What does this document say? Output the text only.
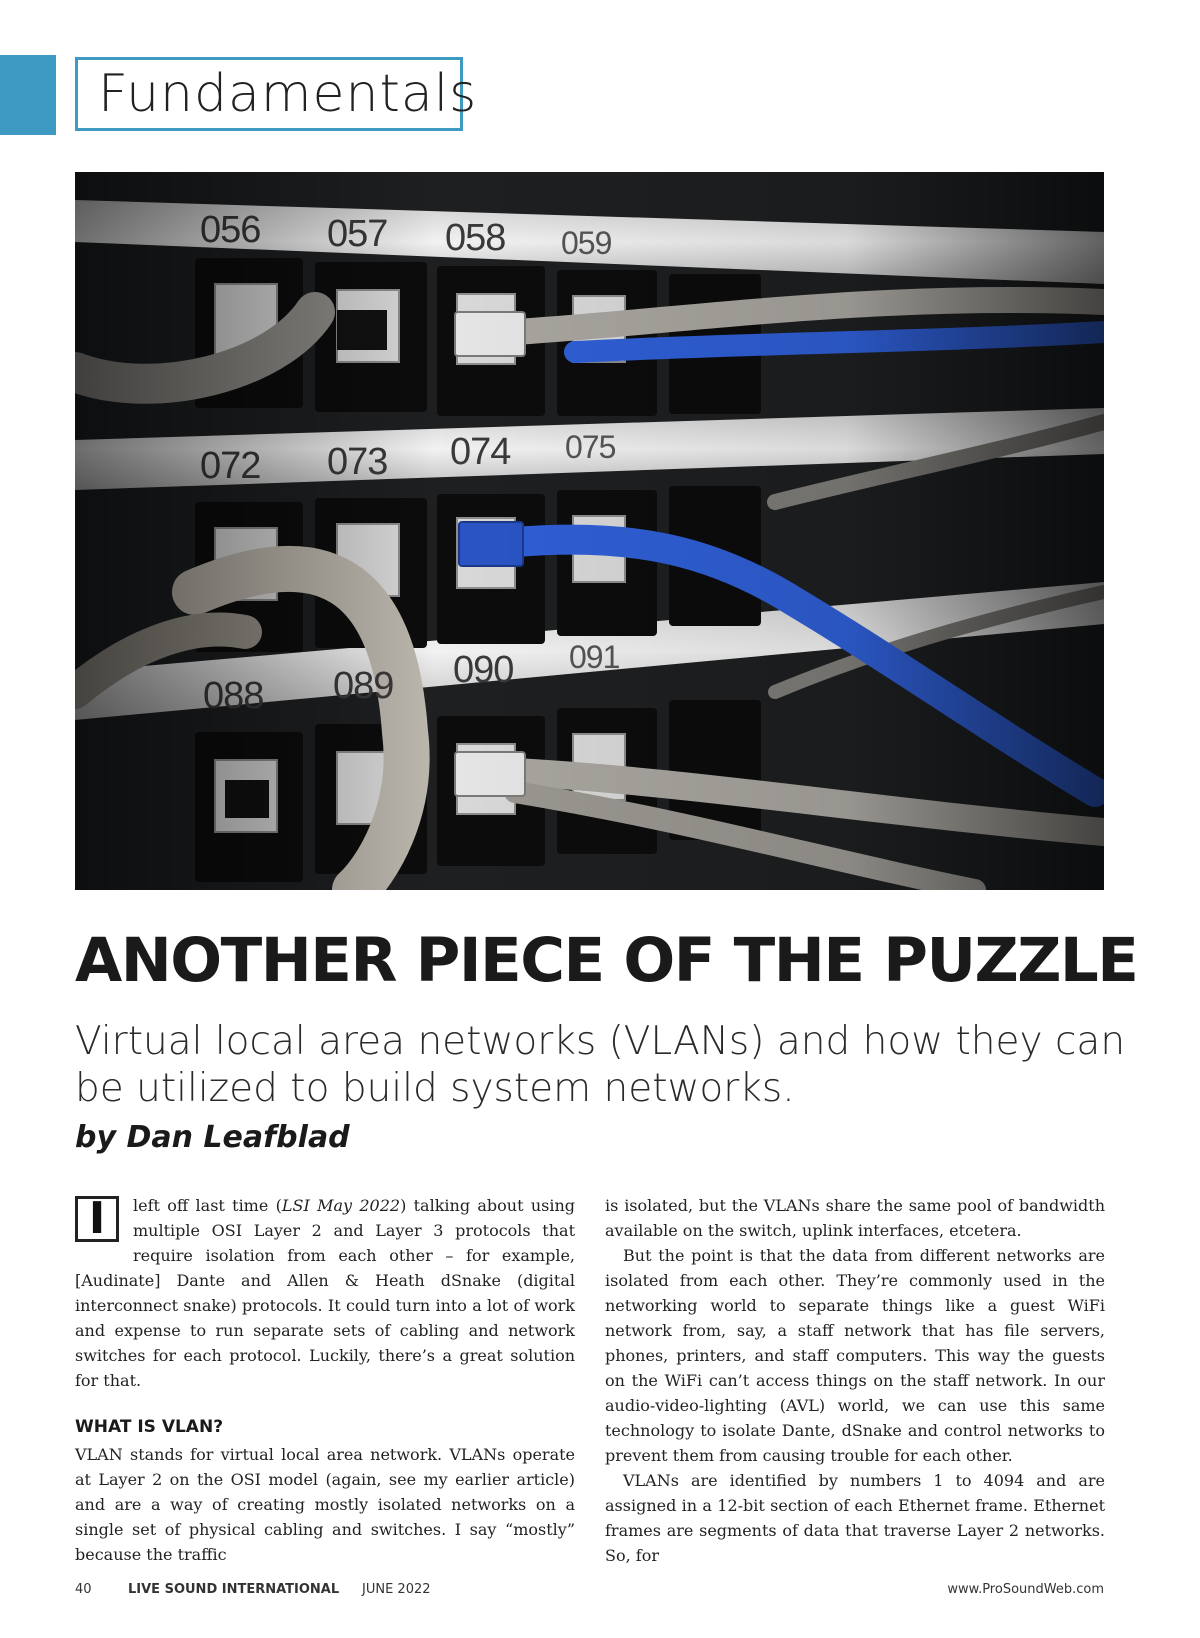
Fundamentals
ANOTHER PIECE OF THE PUZZLE
Virtual local area networks (VLANs) and how they can
be utilized to build system networks.
by Dan Leafblad

I	left off last time (LSI May 2022) talking about using multiple OSI Layer 2 and Layer 3 protocols that require isolation from each other – for example, [Audinate] Dante and Allen & Heath dSnake (digital interconnect snake) protocols. It could turn into a lot of work and expense to run separate sets of cabling and network switches for each protocol. Luckily, there’s a great solution for that.

WHAT IS VLAN?

VLAN stands for virtual local area network. VLANs operate at Layer 2 on the OSI model (again, see my earlier article) and are a way of creating mostly isolated networks on a single set of physical cabling and switches. I say “mostly” because the traffic

is isolated, but the VLANs share the same pool of bandwidth available on the switch, uplink interfaces, etcetera.

But the point is that the data from different networks are isolated from each other. They’re commonly used in the networking world to separate things like a guest WiFi network from, say, a staff network that has file servers, phones, printers, and staff computers. This way the guests on the WiFi can’t access things on the staff network. In our audio-video-lighting (AVL) world, we can use this same technology to isolate Dante, dSnake and control networks to prevent them from causing trouble for each other.

VLANs are identified by numbers 1 to 4094 and are assigned in a 12-bit section of each Ethernet frame. Ethernet frames are segments of data that traverse Layer 2 networks. So, for

40	LIVE SOUND INTERNATIONAL JUNE 2022	www.ProSoundWeb.com
